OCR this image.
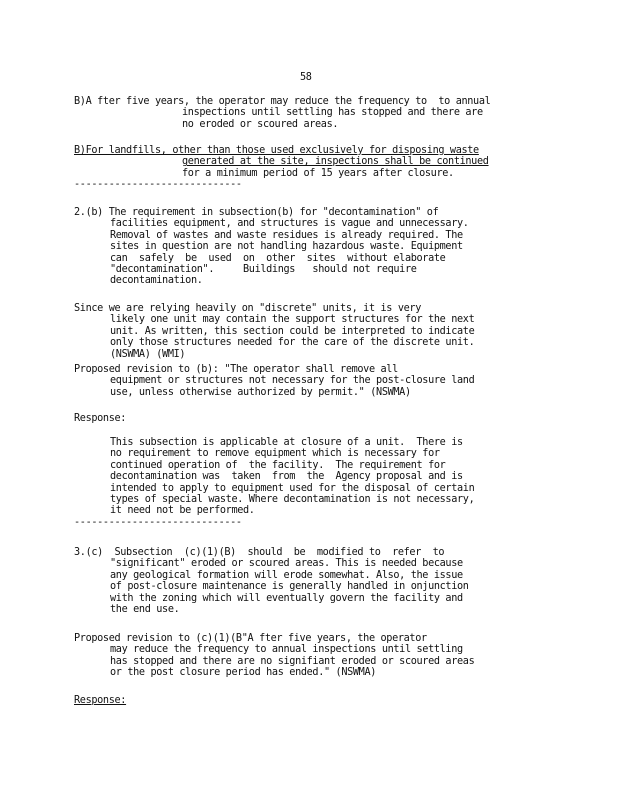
58
B)A fter five years, the operator may reduce the frequency to  to annual
inspections until settling has stopped and there are
no eroded or scoured areas.
B)For landfills, other than those used exclusively for disposing waste
generated at the site, inspections shall be continued
for a minimum period of 15 years after closure.
-----------------------------
2.(b) The requirement in subsection(b) for "decontamination" of
facilities equipment, and structures is vague and unnecessary.
Removal of wastes and waste residues is already required. The
sites in question are not handling hazardous waste. Equipment
can  safely  be  used  on  other  sites  without elaborate
"decontamination".     Buildings   should not require
decontamination.
Since we are relying heavily on "discrete" units, it is very
likely one unit may contain the support structures for the next
unit. As written, this section could be interpreted to indicate
only those structures needed for the care of the discrete unit.
(NSWMA) (WMI)
Proposed revision to (b): "The operator shall remove all
equipment or structures not necessary for the post-closure land
use, unless otherwise authorized by permit." (NSWMA)
Response:
This subsection is applicable at closure of a unit.  There is
no requirement to remove equipment which is necessary for
continued operation of  the facility.  The requirement for
decontamination was  taken  from  the  Agency proposal and is
intended to apply to equipment used for the disposal of certain
types of special waste. Where decontamination is not necessary,
it need not be performed.
-----------------------------
3.(c)  Subsection  (c)(1)(B)  should  be  modified to  refer  to
"significant" eroded or scoured areas. This is needed because
any geological formation will erode somewhat. Also, the issue
of post-closure maintenance is generally handled in onjunction
with the zoning which will eventually govern the facility and
the end use.
Proposed revision to (c)(1)(B"A fter five years, the operator
may reduce the frequency to annual inspections until settling
has stopped and there are no signifiant eroded or scoured areas
or the post closure period has ended." (NSWMA)
Response:
